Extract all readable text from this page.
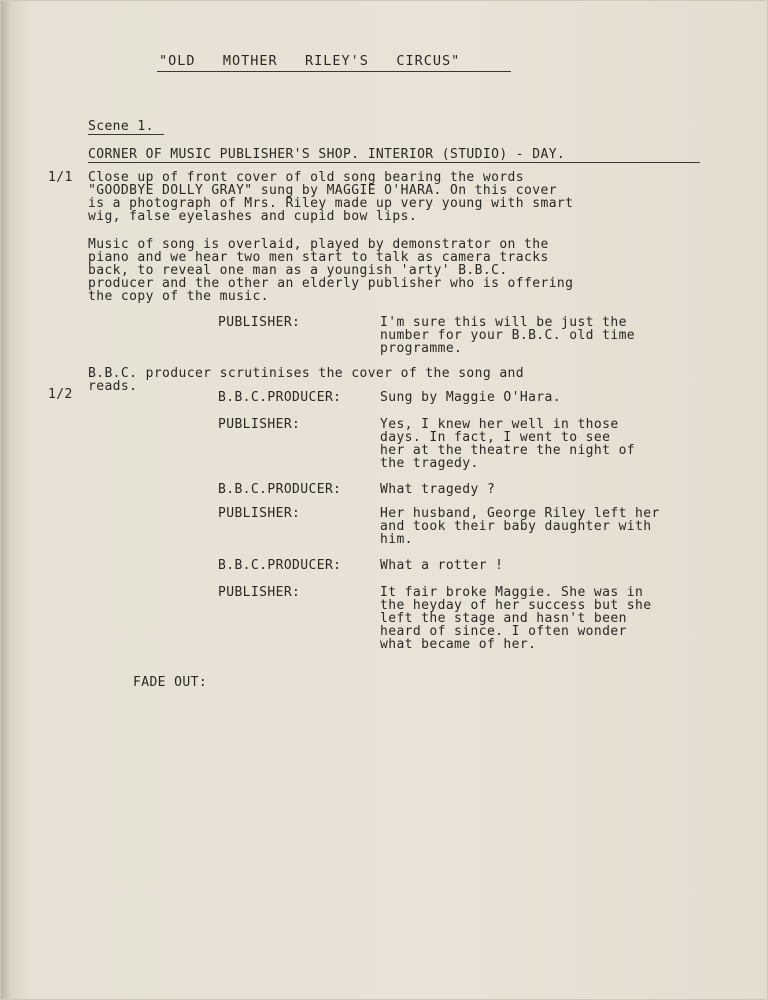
"OLD   MOTHER   RILEY'S   CIRCUS"
Scene 1.
CORNER OF MUSIC PUBLISHER'S SHOP. INTERIOR (STUDIO) - DAY.
1/1 Close up of front cover of old song bearing the words
"GOODBYE DOLLY GRAY" sung by MAGGIE O'HARA. On this cover
is a photograph of Mrs. Riley made up very young with smart
wig, false eyelashes and cupid bow lips.
Music of song is overlaid, played by demonstrator on the
piano and we hear two men start to talk as camera tracks
back, to reveal one man as a youngish 'arty' B.B.C.
producer and the other an elderly publisher who is offering
the copy of the music.
PUBLISHER:	I'm sure this will be just the
number for your B.B.C. old time
programme.
B.B.C. producer scrutinises the cover of the song and
reads.
1/2	B.B.C.PRODUCER:	Sung by Maggie O'Hara.
PUBLISHER:	Yes, I knew her well in those
days. In fact, I went to see
her at the theatre the night of
the tragedy.
B.B.C.PRODUCER:	What tragedy ?
PUBLISHER:	Her husband, George Riley left her
and took their baby daughter with
him.
B.B.C.PRODUCER:	What a rotter !
PUBLISHER:	It fair broke Maggie. She was in
the heyday of her success but she
left the stage and hasn't been
heard of since. I often wonder
what became of her.
FADE OUT:
